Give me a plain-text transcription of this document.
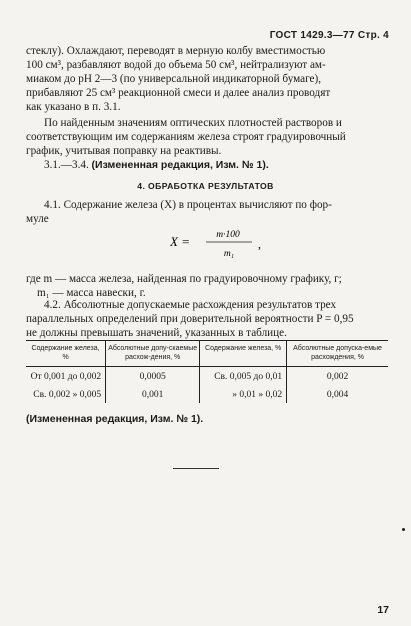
ГОСТ 1429.3—77 Стр. 4
стеклу). Охлаждают, переводят в мерную колбу вместимостью
100 см³, разбавляют водой до объема 50 см³, нейтрализуют ам-
миаком до pH 2—3 (по универсальной индикаторной бумаге),
прибавляют 25 см³ реакционной смеси и далее анализ проводят
как указано в п. 3.1.
По найденным значениям оптических плотностей растворов и
соответствующим им содержаниям железа строят градуировочный
график, учитывая поправку на реактивы.
3.1.—3.4. (Измененная редакция, Изм. № 1).
4. ОБРАБОТКА РЕЗУЛЬТАТОВ
4.1. Содержание железа (X) в процентах вычисляют по фор-
муле
X =	m·100
m₁
,
где m — масса железа, найденная по градуировочному графику, г;
m₁ — масса навески, г.
4.2. Абсолютные допускаемые расхождения результатов трех
параллельных определений при доверительной вероятности P = 0,95
не должны превышать значений, указанных в таблице.
Содержание железа, %	Абсолютные допу-скаемые расхож-дения, %	Содержание железа, %	Абсолютные допуска-емые расхождения, %
От 0,001 до 0,002	0,0005	Св. 0,005 до 0,01	0,002
Св. 0,002 » 0,005	0,001	» 0,01 » 0,02	0,004
(Измененная редакция, Изм. № 1).
17
